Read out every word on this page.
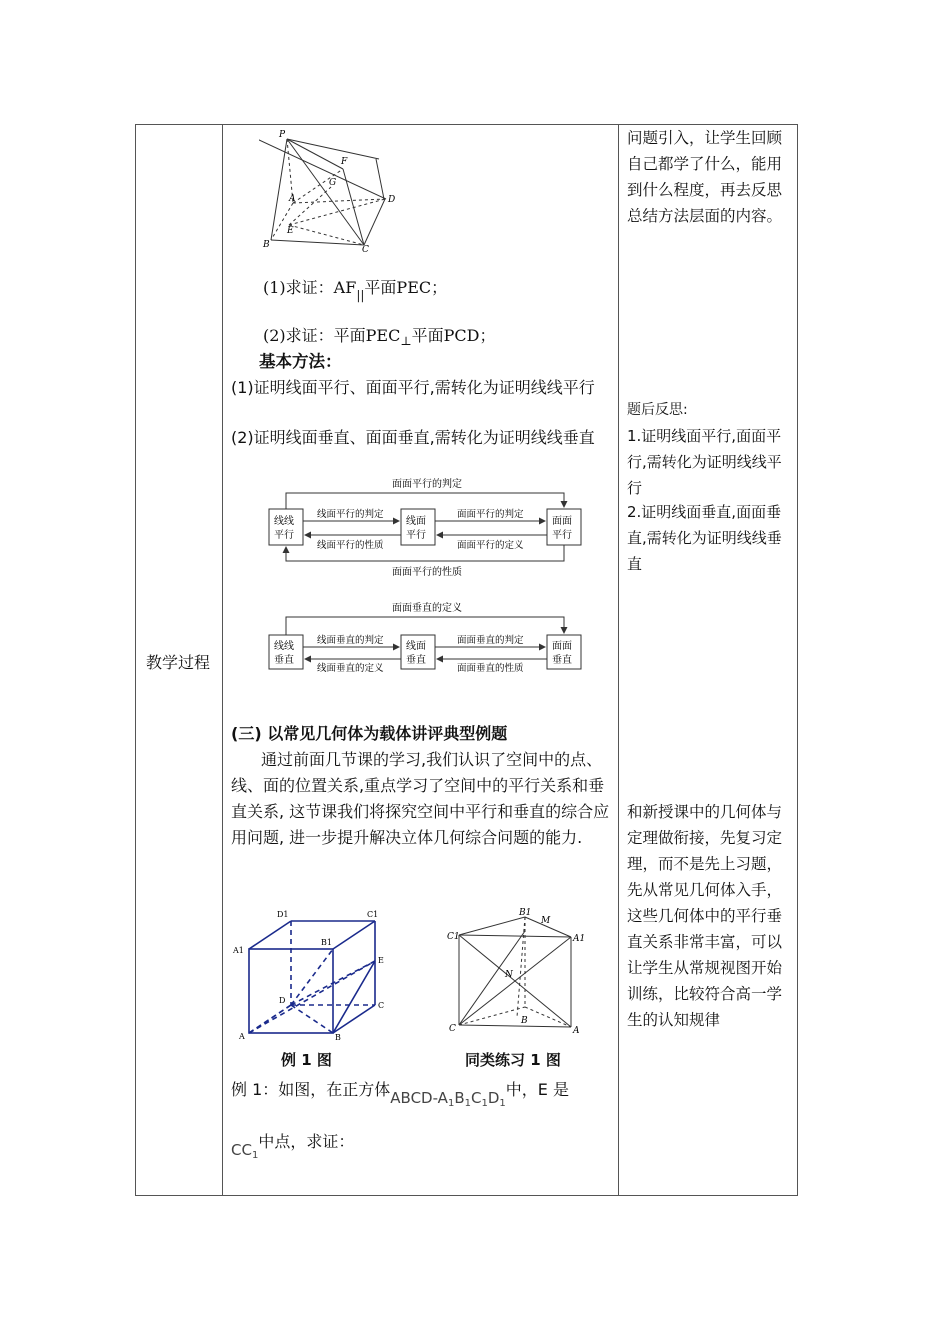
教学过程
P
F
G
A	D
E
B	C
(1)求证：$AF_{||}$平面PEC；
(2)求证：平面$PEC_\perp$平面PCD；
基本方法：
(1)证明线面平行、面面平行,需转化为证明线线平行
(2)证明线面垂直、面面垂直,需转化为证明线线垂直
面面平行的判定
面面平行的性质
线线
平行
线面
平行
面面
平行
线面平行的判定
线面平行的性质
面面平行的判定
面面平行的定义
面面垂直的定义
线线
垂直
线面
垂直
面面
垂直
线面垂直的判定
线面垂直的定义
面面垂直的判定
面面垂直的性质
(三) 以常见几何体为载体讲评典型例题
通过前面几节课的学习,我们认识了空间中的点、线、面的位置关系,重点学习了空间中的平行关系和垂直关系, 这节课我们将探究空间中平行和垂直的综合应用问题, 进一步提升解决立体几何综合问题的能力.
D1	C1
A1
B1
E
D
C
A	B
C1
B1
M
A1
N
C
B
A
例 1 图	同类练习 1 图
例 1：如图，在正方体ABCD-$A_1B_1C_1D_1$中，E 是
$CC_1$中点，求证：
问题引入，让学生回顾自己都学了什么，能用到什么程度，再去反思总结方法层面的内容。
题后反思:
1.证明线面平行,面面平行,需转化为证明线线平行
2.证明线面垂直,面面垂直,需转化为证明线线垂直
和新授课中的几何体与定理做衔接，先复习定理，而不是先上习题，先从常见几何体入手，这些几何体中的平行垂直关系非常丰富，可以让学生从常规视图开始训练，比较符合高一学生的认知规律
